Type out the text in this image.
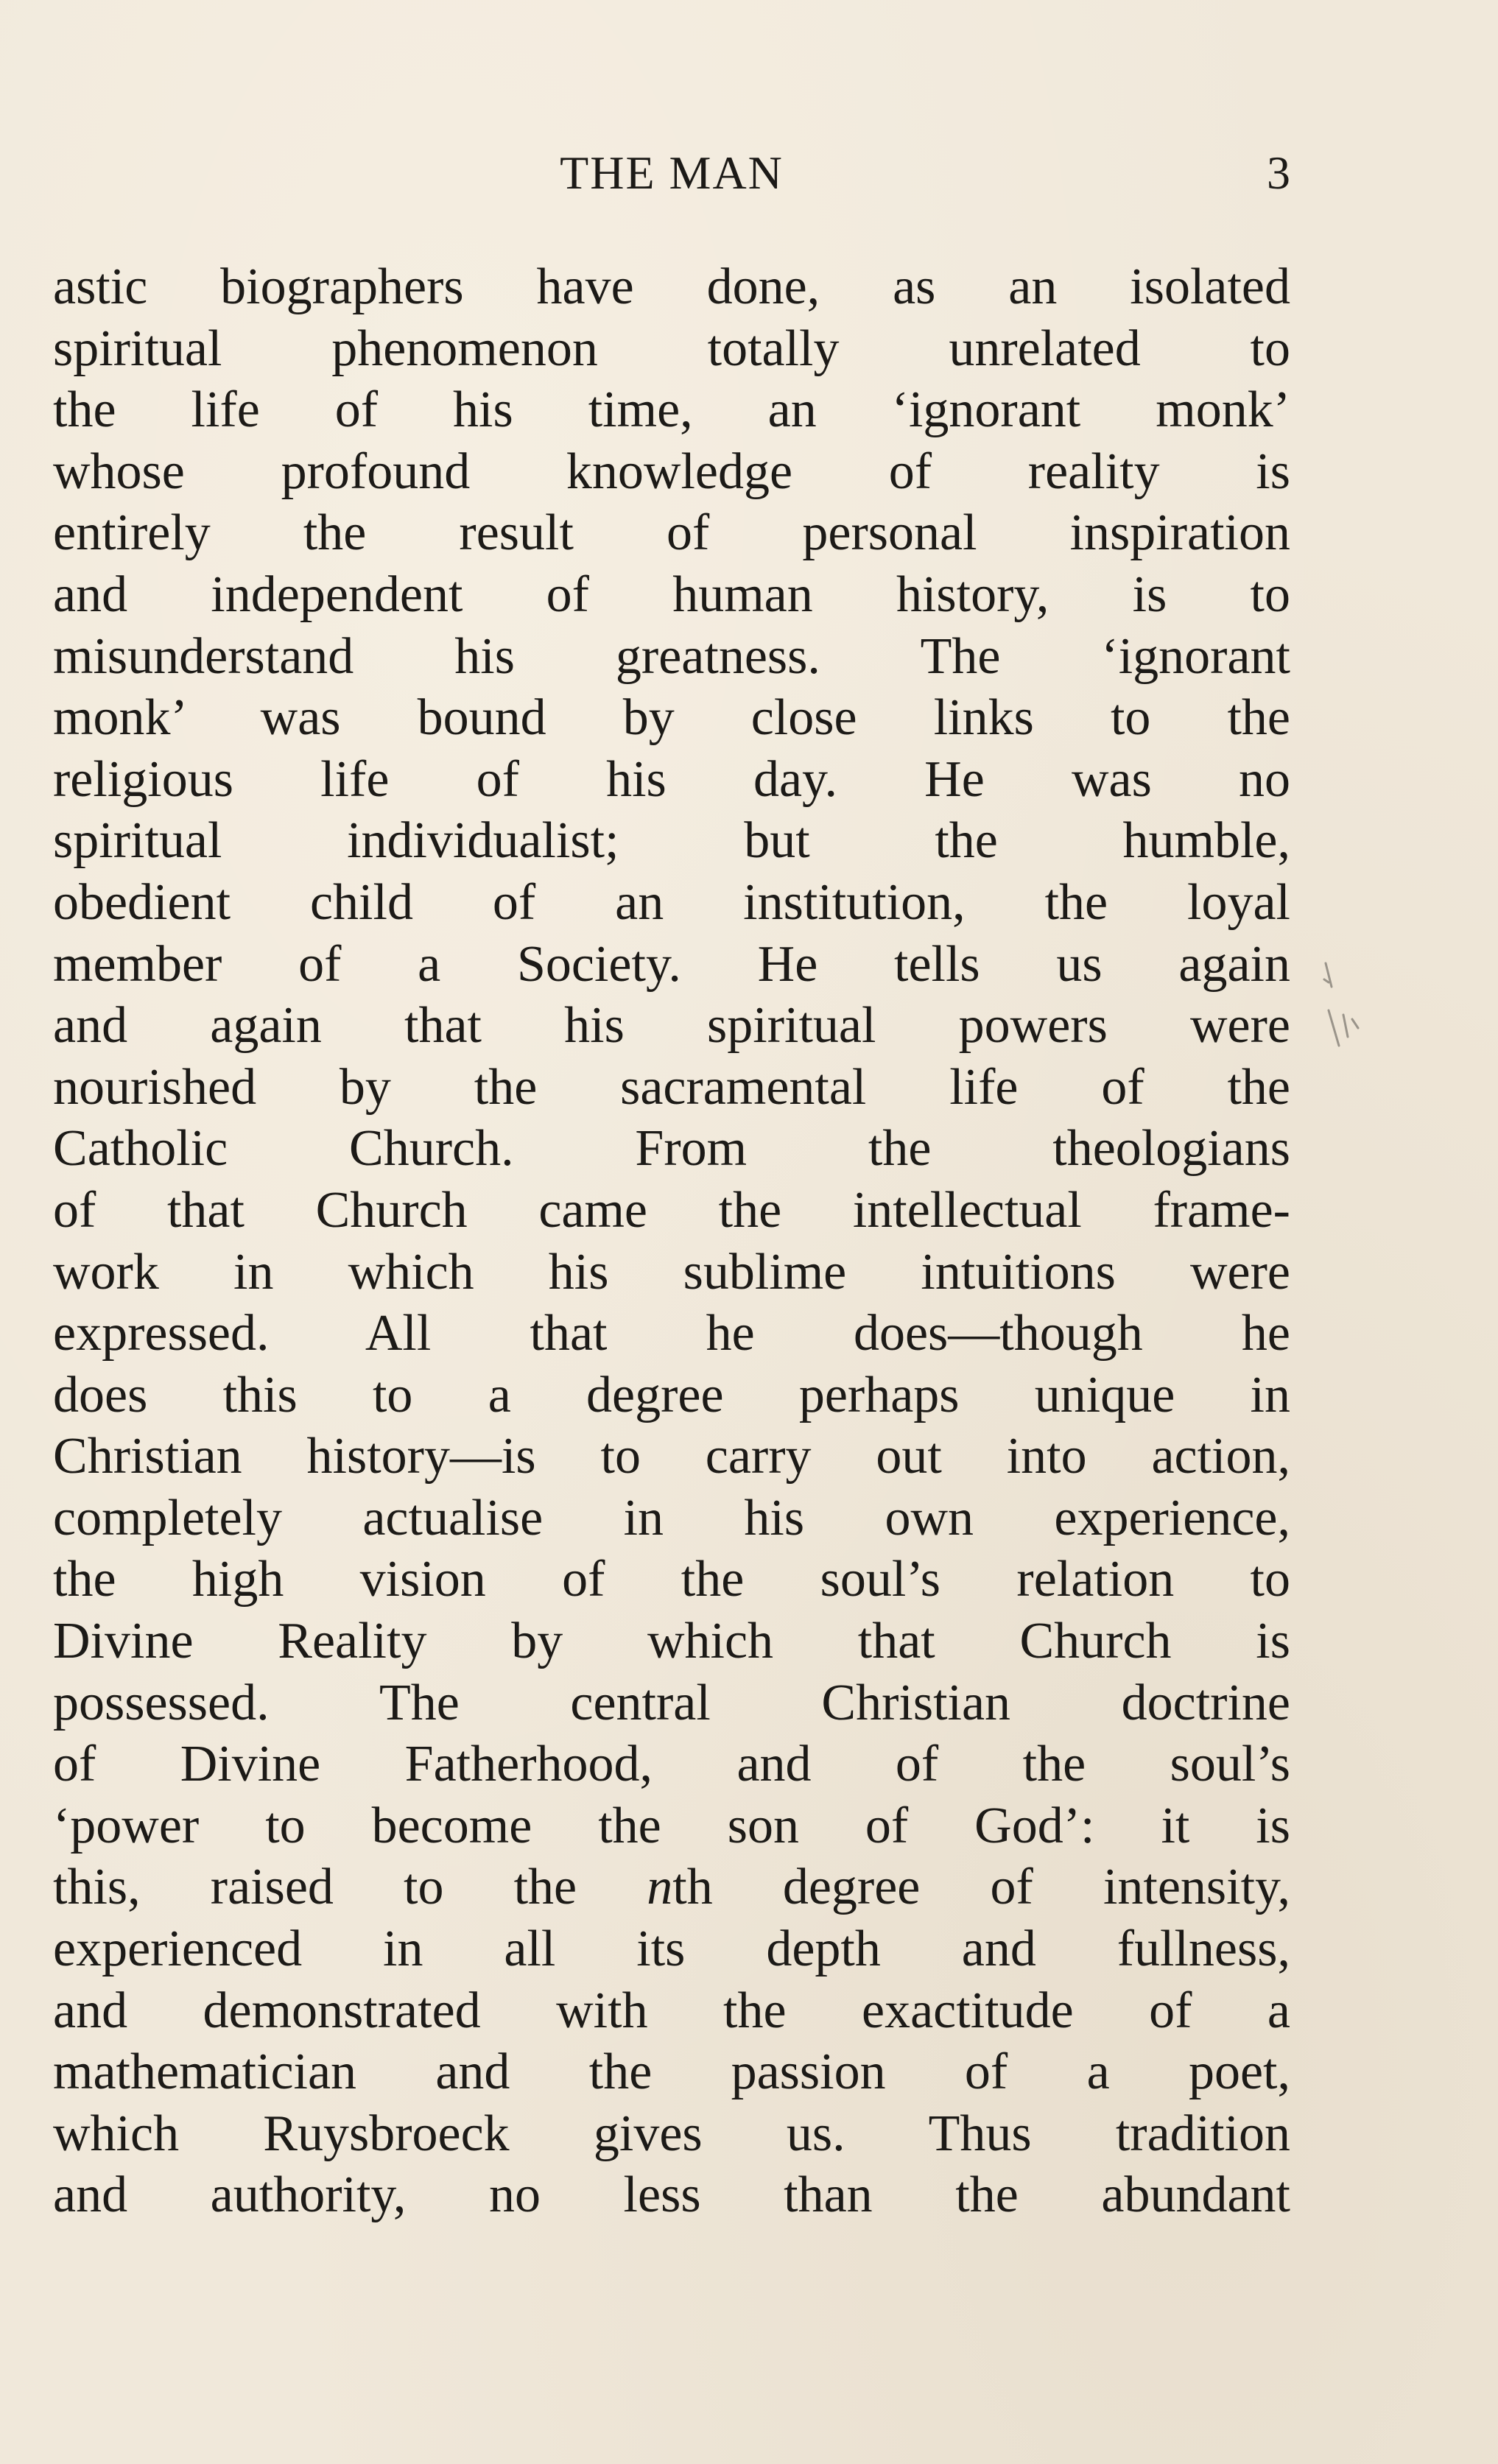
THE MAN	3
astic biographers have done, as an isolated
spiritual phenomenon totally unrelated to
the life of his time, an ‘ignorant monk’
whose profound knowledge of reality is
entirely the result of personal inspiration
and independent of human history, is to
misunderstand his greatness. The ‘ignorant
monk’ was bound by close links to the
religious life of his day. He was no
spiritual individualist; but the humble,
obedient child of an institution, the loyal
member of a Society. He tells us again
and again that his spiritual powers were
nourished by the sacramental life of the
Catholic Church. From the theologians
of that Church came the intellectual frame-
work in which his sublime intuitions were
expressed. All that he does—though he
does this to a degree perhaps unique in
Christian history—is to carry out into action,
completely actualise in his own experience,
the high vision of the soul’s relation to
Divine Reality by which that Church is
possessed. The central Christian doctrine
of Divine Fatherhood, and of the soul’s
‘power to become the son of God’: it is
this, raised to the nth degree of intensity,
experienced in all its depth and fullness,
and demonstrated with the exactitude of a
mathematician and the passion of a poet,
which Ruysbroeck gives us. Thus tradition
and authority, no less than the abundant
